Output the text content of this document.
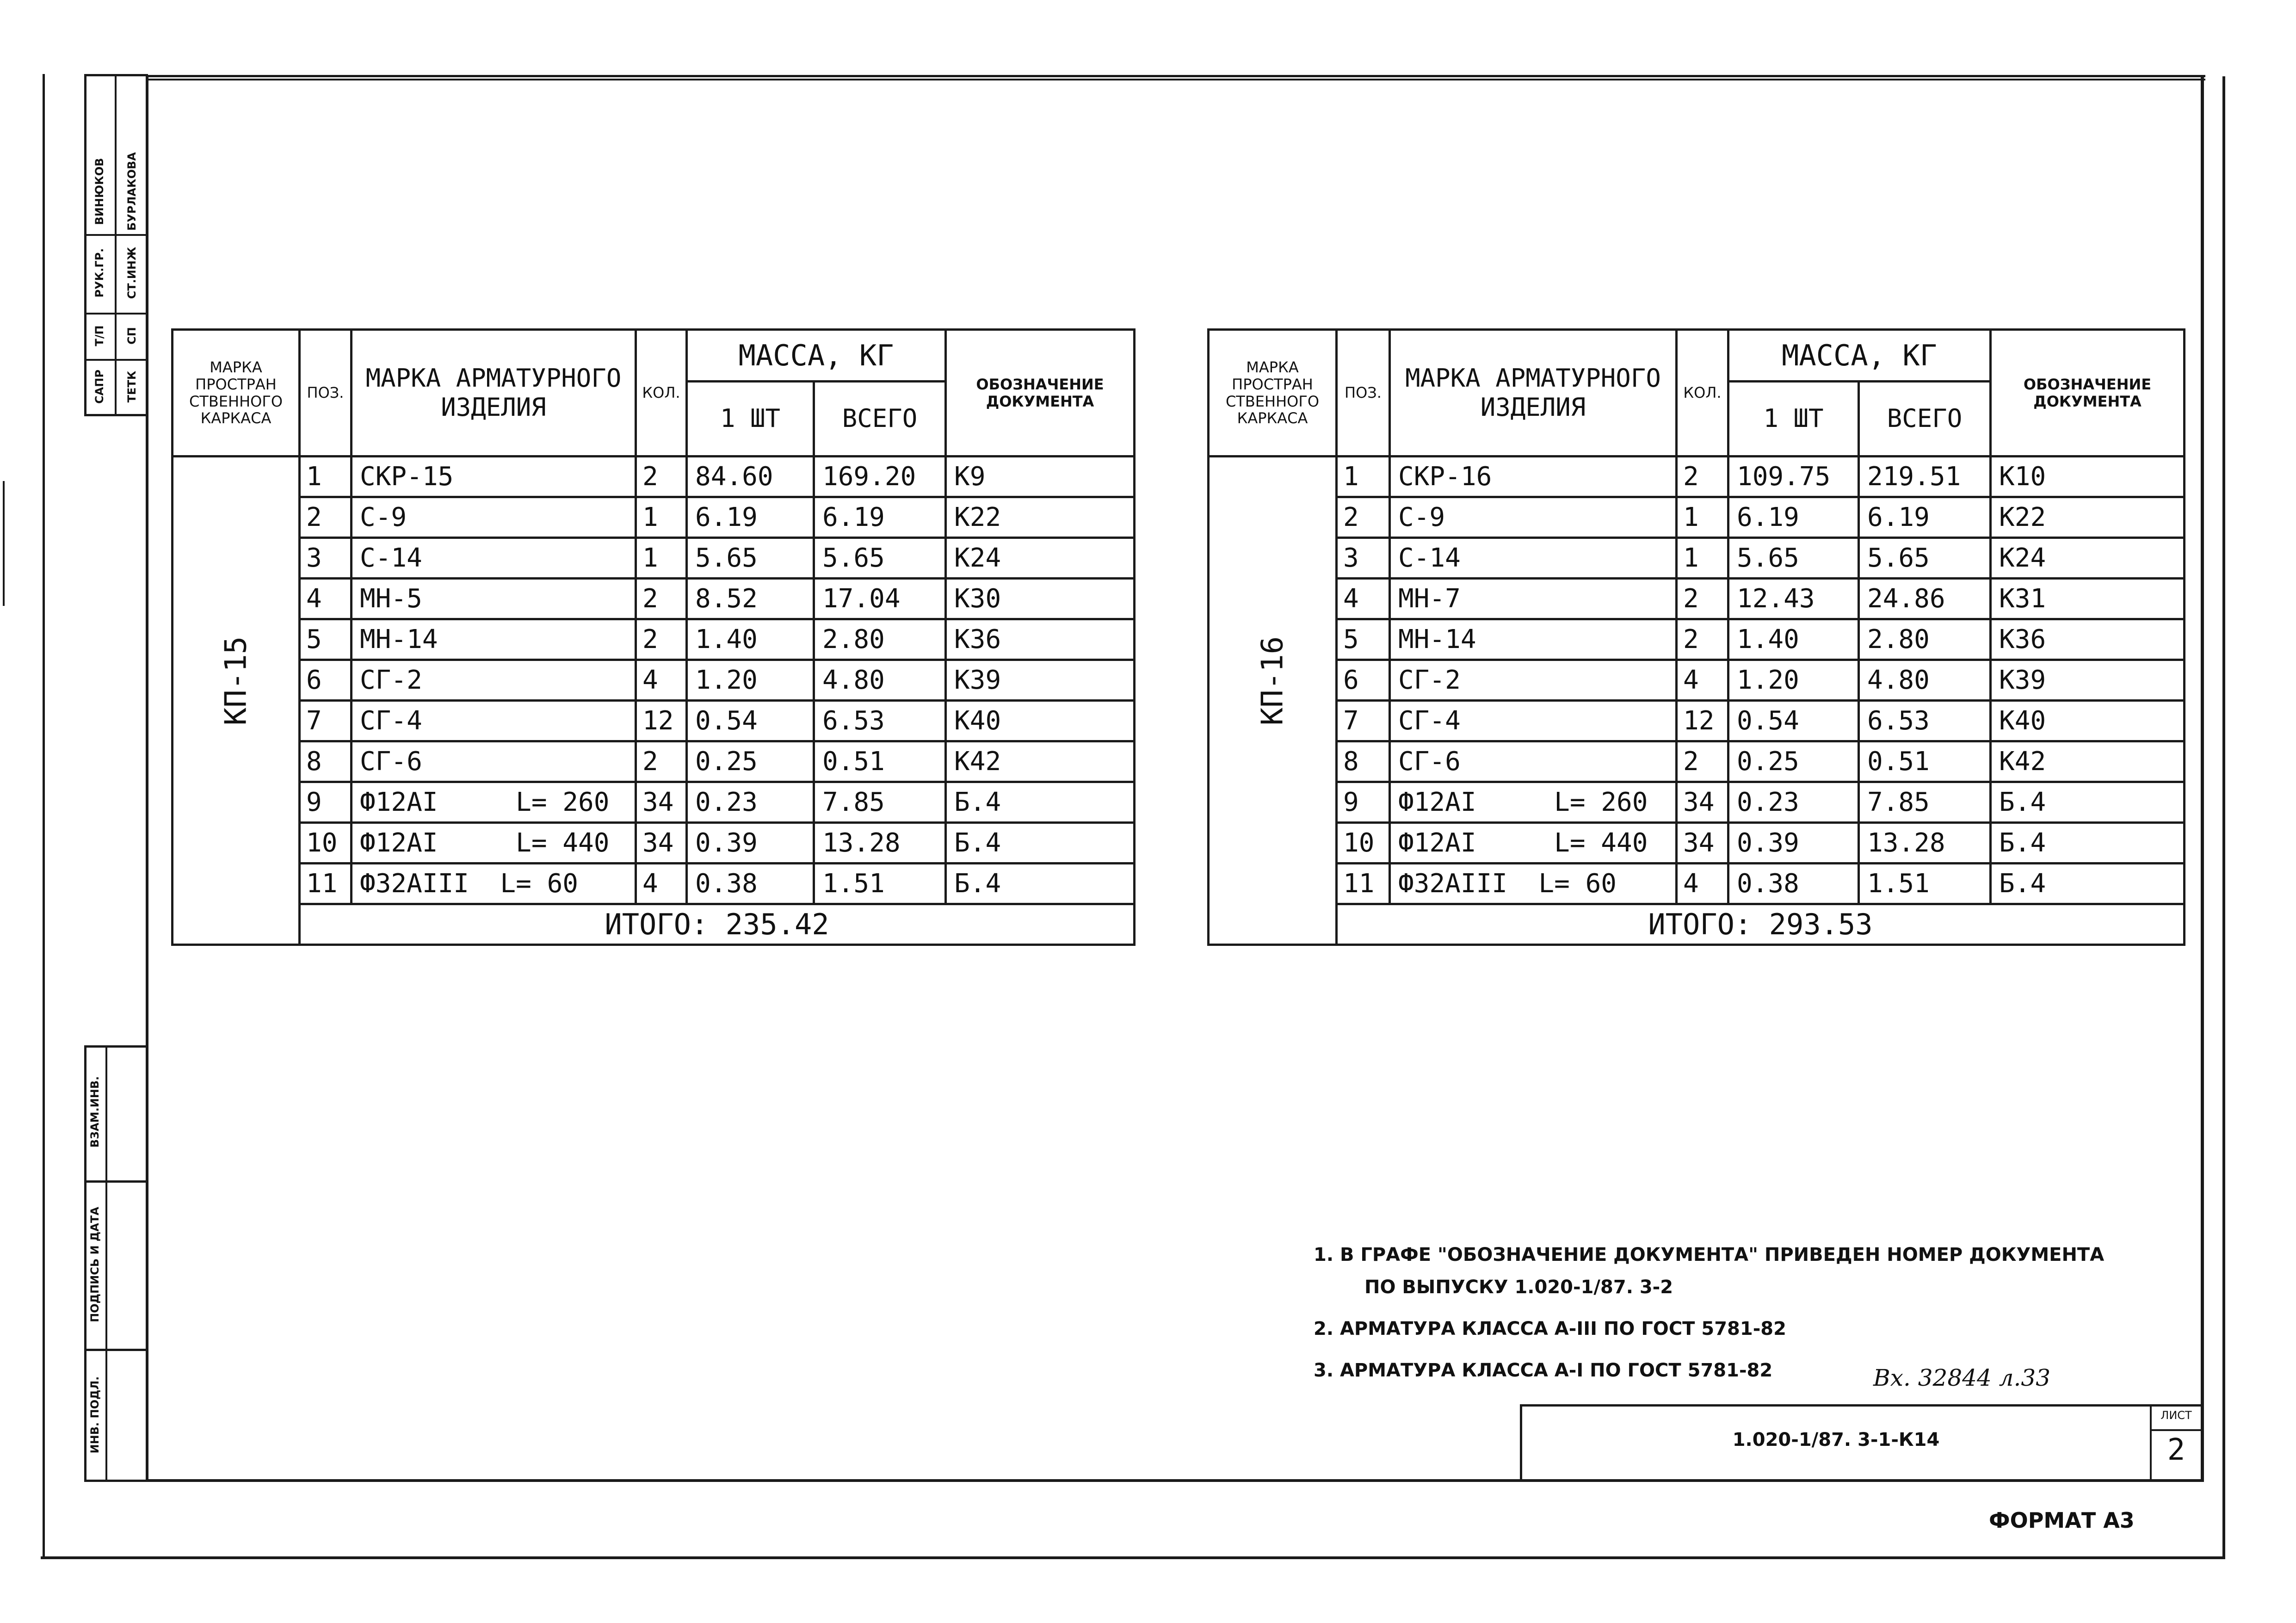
САПР ТЕТК
Т/П СП
РУК.ГР. СТ.ИНЖ
ВИНЮКОВ БУРЛАКОВА
ВЗАМ.ИНВ.
ПОДПИСЬ И ДАТА
ИНВ. ПОДЛ.
МАРКА ПРОСТРАН СТВЕННОГО КАРКАСА	ПОЗ.	МАРКА АРМАТУРНОГО ИЗДЕЛИЯ	КОЛ.	МАССА, КГ		ОБОЗНАЧЕНИЕ ДОКУМЕНТА
				1 ШТ	ВСЕГО	
КП-15	1	СКР-15	2	84.60	169.20	К9
	2	С-9	1	6.19	6.19	К22
	3	С-14	1	5.65	5.65	К24
	4	МН-5	2	8.52	17.04	К30
	5	МН-14	2	1.40	2.80	К36
	6	СГ-2	4	1.20	4.80	К39
	7	СГ-4	12	0.54	6.53	К40
	8	СГ-6	2	0.25	0.51	К42
	9	Ф12AI     L= 260	34	0.23	7.85	Б.4
	10	Ф12AI     L= 440	34	0.39	13.28	Б.4
	11	Ф32AIII  L= 60	4	0.38	1.51	Б.4
	ИТОГО: 235.42					
МАРКА ПРОСТРАН СТВЕННОГО КАРКАСА	ПОЗ.	МАРКА АРМАТУРНОГО ИЗДЕЛИЯ	КОЛ.	МАССА, КГ		ОБОЗНАЧЕНИЕ ДОКУМЕНТА
				1 ШТ	ВСЕГО	
КП-16	1	СКР-16	2	109.75	219.51	К10
	2	С-9	1	6.19	6.19	К22
	3	С-14	1	5.65	5.65	К24
	4	МН-7	2	12.43	24.86	К31
	5	МН-14	2	1.40	2.80	К36
	6	СГ-2	4	1.20	4.80	К39
	7	СГ-4	12	0.54	6.53	К40
	8	СГ-6	2	0.25	0.51	К42
	9	Ф12AI     L= 260	34	0.23	7.85	Б.4
	10	Ф12AI     L= 440	34	0.39	13.28	Б.4
	11	Ф32AIII  L= 60	4	0.38	1.51	Б.4
	ИТОГО: 293.53					
1. В ГРАФЕ "ОБОЗНАЧЕНИЕ ДОКУМЕНТА" ПРИВЕДЕН НОМЕР ДОКУМЕНТА
ПО ВЫПУСКУ 1.020-1/87. 3-2
2. АРМАТУРА КЛАССА А-III ПО ГОСТ 5781-82
3. АРМАТУРА КЛАССА А-I ПО ГОСТ 5781-82	Вх. 32844 л.33
1.020-1/87. 3-1-К14
ЛИСТ
2
ФОРМАТ А3
